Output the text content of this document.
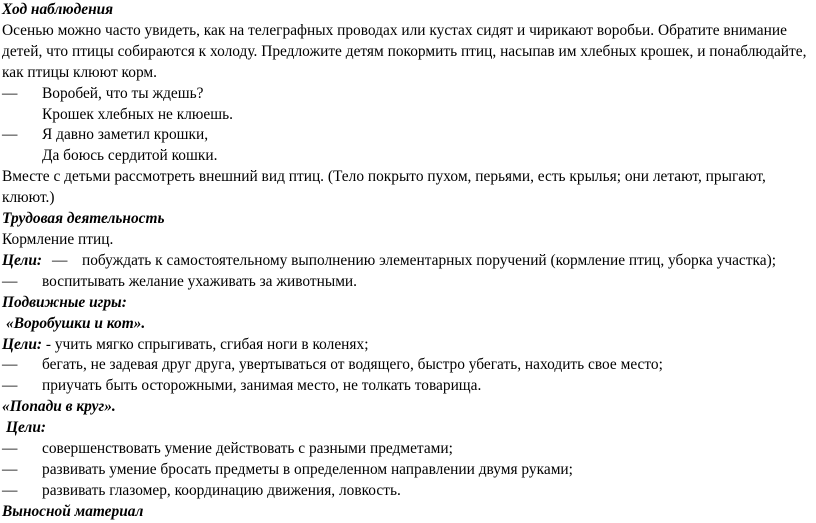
Ход наблюдения

Осенью можно часто увидеть, как на телеграфных проводах или кустах сидят и чирикают воробьи. Обратите внимание детей, что птицы собираются к холоду. Предложите детям покормить птиц, насыпав им хлебных крошек, и понаблюдайте, как птицы клюют корм.

— Воробей, что ты ждешь?

Крошек хлебных не клюешь.

— Я давно заметил крошки,

Да боюсь сердитой кошки.

Вместе с детьми рассмотреть внешний вид птиц. (Тело покрыто пухом, перьями, есть крылья; они летают, прыгают, клюют.)

Трудовая деятельность

Кормление птиц.

Цели: — побуждать к самостоятельному выполнению элементарных поручений (кормление птиц, уборка участка);

— воспитывать желание ухаживать за животными.

Подвижные игры:

«Воробушки и кот».

Цели: - учить мягко спрыгивать, сгибая ноги в коленях;

— бегать, не задевая друг друга, увертываться от водящего, быстро убегать, находить свое место;

— приучать быть осторожными, занимая место, не толкать товарища.

«Попади в круг».

Цели:

— совершенствовать умение действовать с разными предметами;

— развивать умение бросать предметы в определенном направлении двумя руками;

— развивать глазомер, координацию движения, ловкость.

Выносной материал
